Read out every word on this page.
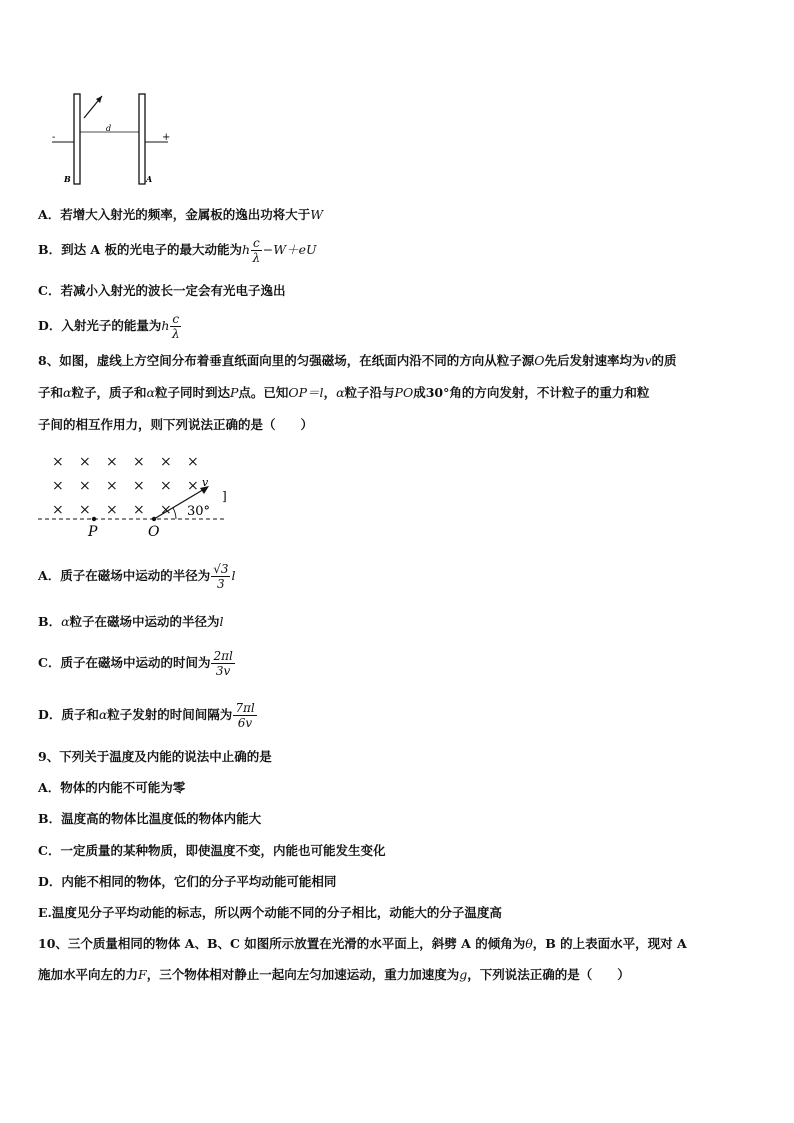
-	+
d
B	A
A．若增大入射光的频率，金属板的逸出功将大于W
B．到达 A 板的光电子的最大动能为h $\frac{c}{\lambda} -W+eU$
C．若减小入射光的波长一定会有光电子逸出
D．入射光子的能量为h $\frac{c}{\lambda}$
8、如图，虚线上方空间分布着垂直纸面向里的匀强磁场，在纸面内沿不同的方向从粒子源O先后发射速率均为v的质
子和α粒子，质子和α粒子同时到达P点。已知OP＝l，α粒子沿与PO成30°角的方向发射，不计粒子的重力和粒
子间的相互作用力，则下列说法正确的是（　　）
× × × × × ×
× × × × × ×
× × × × ×
v
]
30°
P	O
A．质子在磁场中运动的半径为 $\frac{√3}{3}$ l
B．α粒子在磁场中运动的半径为l
C．质子在磁场中运动的时间为 $\frac{2\pi l}{3v}$
D．质子和α粒子发射的时间间隔为 $\frac{7\pi l}{6v}$
9、下列关于温度及内能的说法中止确的是
A．物体的内能不可能为零
B．温度高的物体比温度低的物体内能大
C．一定质量的某种物质，即使温度不变，内能也可能发生变化
D．内能不相同的物体，它们的分子平均动能可能相同
E.温度见分子平均动能的标志，所以两个动能不同的分子相比，动能大的分子温度高
10、三个质量相同的物体 A、B、C 如图所示放置在光滑的水平面上，斜劈 A 的倾角为θ，B 的上表面水平，现对 A
施加水平向左的力F，三个物体相对静止一起向左匀加速运动，重力加速度为g，下列说法正确的是（　　）
